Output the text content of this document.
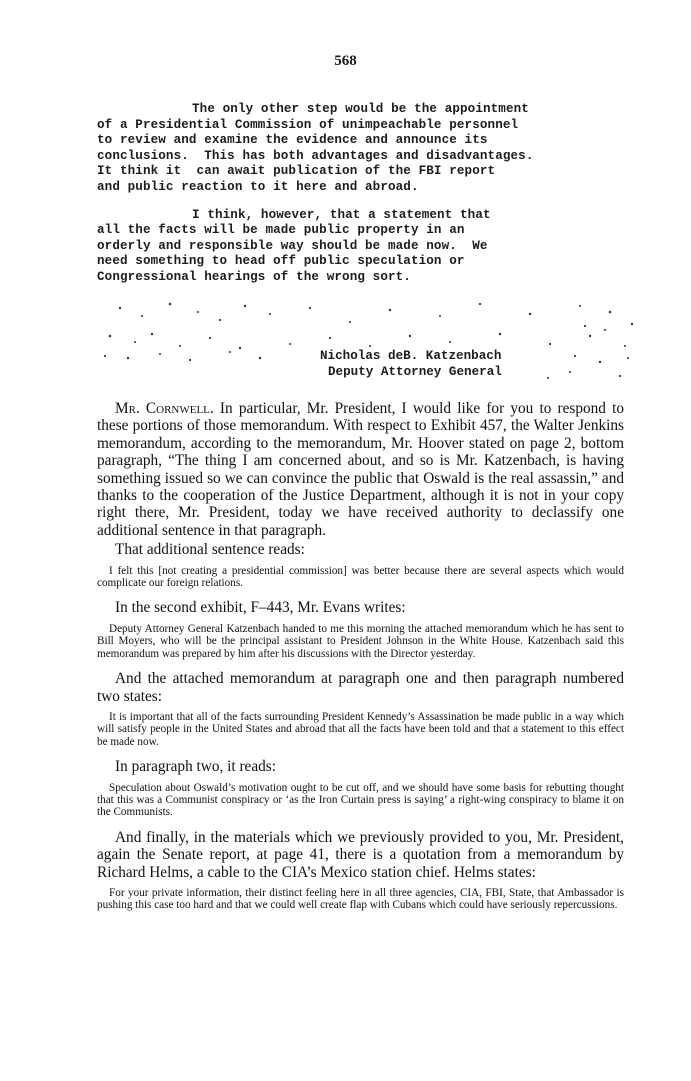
568
The only other step would be the appointment
of a Presidential Commission of unimpeachable personnel
to review and examine the evidence and announce its
conclusions.  This has both advantages and disadvantages.
It think it  can await publication of the FBI report
and public reaction to it here and abroad.
I think, however, that a statement that
all the facts will be made public property in an
orderly and responsible way should be made now.  We
need something to head off public speculation or
Congressional hearings of the wrong sort.
Nicholas deB. Katzenbach
Deputy Attorney General

Mr. Cornwell. In particular, Mr. President, I would like for you to respond to these portions of those memorandum. With respect to Exhibit 457, the Walter Jenkins memorandum, according to the memorandum, Mr. Hoover stated on page 2, bottom paragraph, “The thing I am concerned about, and so is Mr. Katzenbach, is having something issued so we can convince the public that Oswald is the real assassin,” and thanks to the cooperation of the Justice Department, although it is not in your copy right there, Mr. President, today we have received authority to declassify one additional sentence in that paragraph.

That additional sentence reads:

I felt this [not creating a presidential commission] was better because there are several aspects which would complicate our foreign relations.

In the second exhibit, F–443, Mr. Evans writes:

Deputy Attorney General Katzenbach handed to me this morning the attached memorandum which he has sent to Bill Moyers, who will be the principal assistant to President Johnson in the White House. Katzenbach said this memorandum was prepared by him after his discussions with the Director yesterday.

And the attached memorandum at paragraph one and then paragraph numbered two states:

It is important that all of the facts surrounding President Kennedy’s Assassination be made public in a way which will satisfy people in the United States and abroad that all the facts have been told and that a statement to this effect be made now.

In paragraph two, it reads:

Speculation about Oswald’s motivation ought to be cut off, and we should have some basis for rebutting thought that this was a Communist conspiracy or ‘as the Iron Curtain press is saying’ a right-wing conspiracy to blame it on the Communists.

And finally, in the materials which we previously provided to you, Mr. President, again the Senate report, at page 41, there is a quotation from a memorandum by Richard Helms, a cable to the CIA’s Mexico station chief. Helms states:

For your private information, their distinct feeling here in all three agencies, CIA, FBI, State, that Ambassador is pushing this case too hard and that we could well create flap with Cubans which could have seriously repercussions.
